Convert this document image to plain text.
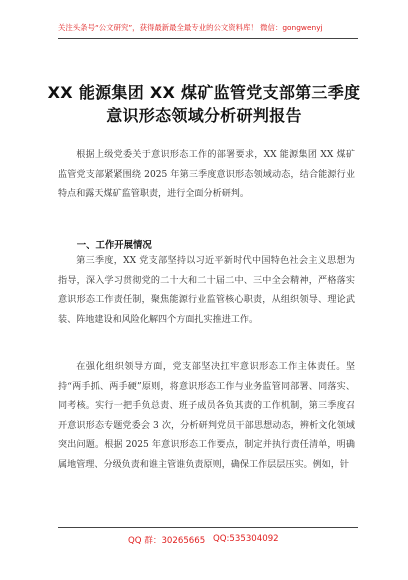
关注头条号“公文研究”，获得最新最全最专业的公文资料库！ 微信：gongwenyj
XX 能源集团 XX 煤矿监管党支部第三季度
意识形态领域分析研判报告

根据上级党委关于意识形态工作的部署要求，XX 能源集团 XX 煤矿监管党支部紧紧围绕 2025 年第三季度意识形态领域动态，结合能源行业特点和露天煤矿监管职责，进行全面分析研判。

一、工作开展情况

第三季度，XX 党支部坚持以习近平新时代中国特色社会主义思想为指导，深入学习贯彻党的二十大和二十届二中、三中全会精神，严格落实意识形态工作责任制，聚焦能源行业监管核心职责，从组织领导、理论武装、阵地建设和风险化解四个方面扎实推进工作。

在强化组织领导方面，党支部坚决扛牢意识形态工作主体责任。坚持“两手抓、两手硬”原则，将意识形态工作与业务监管同部署、同落实、同考核。实行一把手负总责、班子成员各负其责的工作机制，第三季度召开意识形态专题党委会 3 次，分析研判党员干部思想动态，辨析文化领域突出问题。根据 2025 年意识形态工作要点，制定并执行责任清单，明确属地管理、分级负责和谁主管谁负责原则，确保工作层层压实。例如，针

QQ 群：30265665 QQ:535304092
